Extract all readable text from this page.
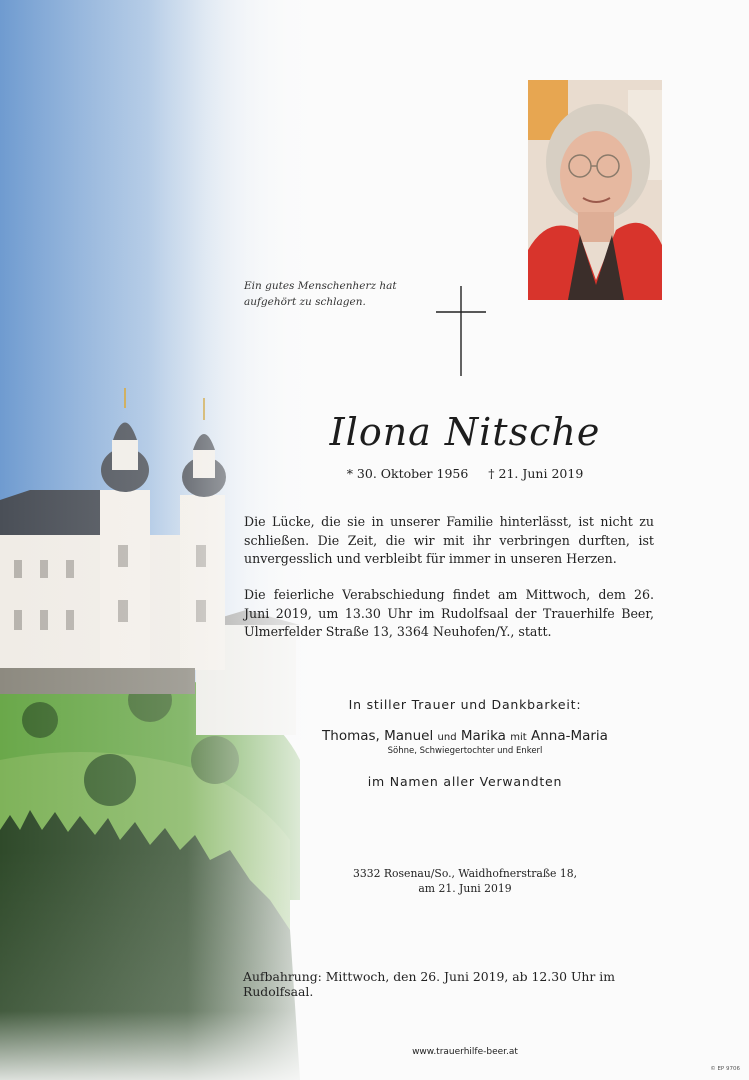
Ein gutes Menschenherz hat
aufgehört zu schlagen.
Ilona Nitsche
* 30. Oktober 1956 † 21. Juni 2019
Die Lücke, die sie in unserer Familie hinterlässt, ist nicht zu schließen. Die Zeit, die wir mit ihr verbringen durften, ist unvergesslich und verbleibt für immer in unseren Herzen.
Die feierliche Verabschiedung findet am Mittwoch, dem 26. Juni 2019, um 13.30 Uhr im Rudolfsaal der Trauerhilfe Beer, Ulmerfelder Straße 13, 3364 Neuhofen/Y., statt.
In stiller Trauer und Dankbarkeit:
Thomas, Manuel und Marika mit Anna-Maria
Söhne, Schwiegertochter und Enkerl
im Namen aller Verwandten
3332 Rosenau/So., Waidhofnerstraße 18,
am 21. Juni 2019
Aufbahrung: Mittwoch, den 26. Juni 2019, ab 12.30 Uhr im Rudolfsaal.
www.trauerhilfe-beer.at
© EP 9706
